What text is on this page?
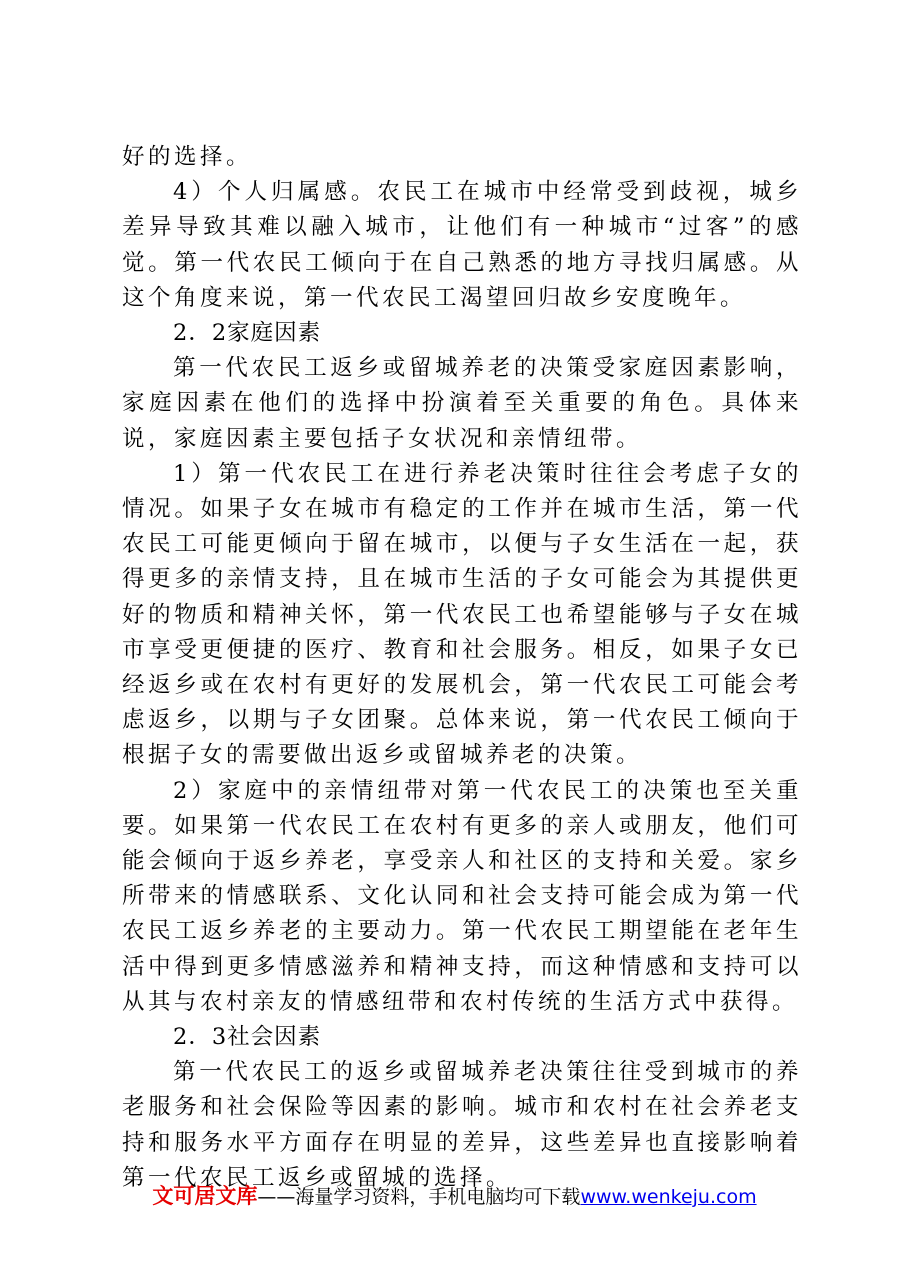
好的选择。

4）个人归属感。农民工在城市中经常受到歧视，城乡差异导致其难以融入城市，让他们有一种城市“过客”的感觉。第一代农民工倾向于在自己熟悉的地方寻找归属感。从这个角度来说，第一代农民工渴望回归故乡安度晚年。

2．2家庭因素

第一代农民工返乡或留城养老的决策受家庭因素影响，家庭因素在他们的选择中扮演着至关重要的角色。具体来说，家庭因素主要包括子女状况和亲情纽带。

1）第一代农民工在进行养老决策时往往会考虑子女的情况。如果子女在城市有稳定的工作并在城市生活，第一代农民工可能更倾向于留在城市，以便与子女生活在一起，获得更多的亲情支持，且在城市生活的子女可能会为其提供更好的物质和精神关怀，第一代农民工也希望能够与子女在城市享受更便捷的医疗、教育和社会服务。相反，如果子女已经返乡或在农村有更好的发展机会，第一代农民工可能会考虑返乡，以期与子女团聚。总体来说，第一代农民工倾向于根据子女的需要做出返乡或留城养老的决策。

2）家庭中的亲情纽带对第一代农民工的决策也至关重要。如果第一代农民工在农村有更多的亲人或朋友，他们可能会倾向于返乡养老，享受亲人和社区的支持和关爱。家乡所带来的情感联系、文化认同和社会支持可能会成为第一代农民工返乡养老的主要动力。第一代农民工期望能在老年生活中得到更多情感滋养和精神支持，而这种情感和支持可以从其与农村亲友的情感纽带和农村传统的生活方式中获得。

2．3社会因素

第一代农民工的返乡或留城养老决策往往受到城市的养老服务和社会保险等因素的影响。城市和农村在社会养老支持和服务水平方面存在明显的差异，这些差异也直接影响着第一代农民工返乡或留城的选择。

文可居文库——海量学习资料，手机电脑均可下载www.wenkeju.com
